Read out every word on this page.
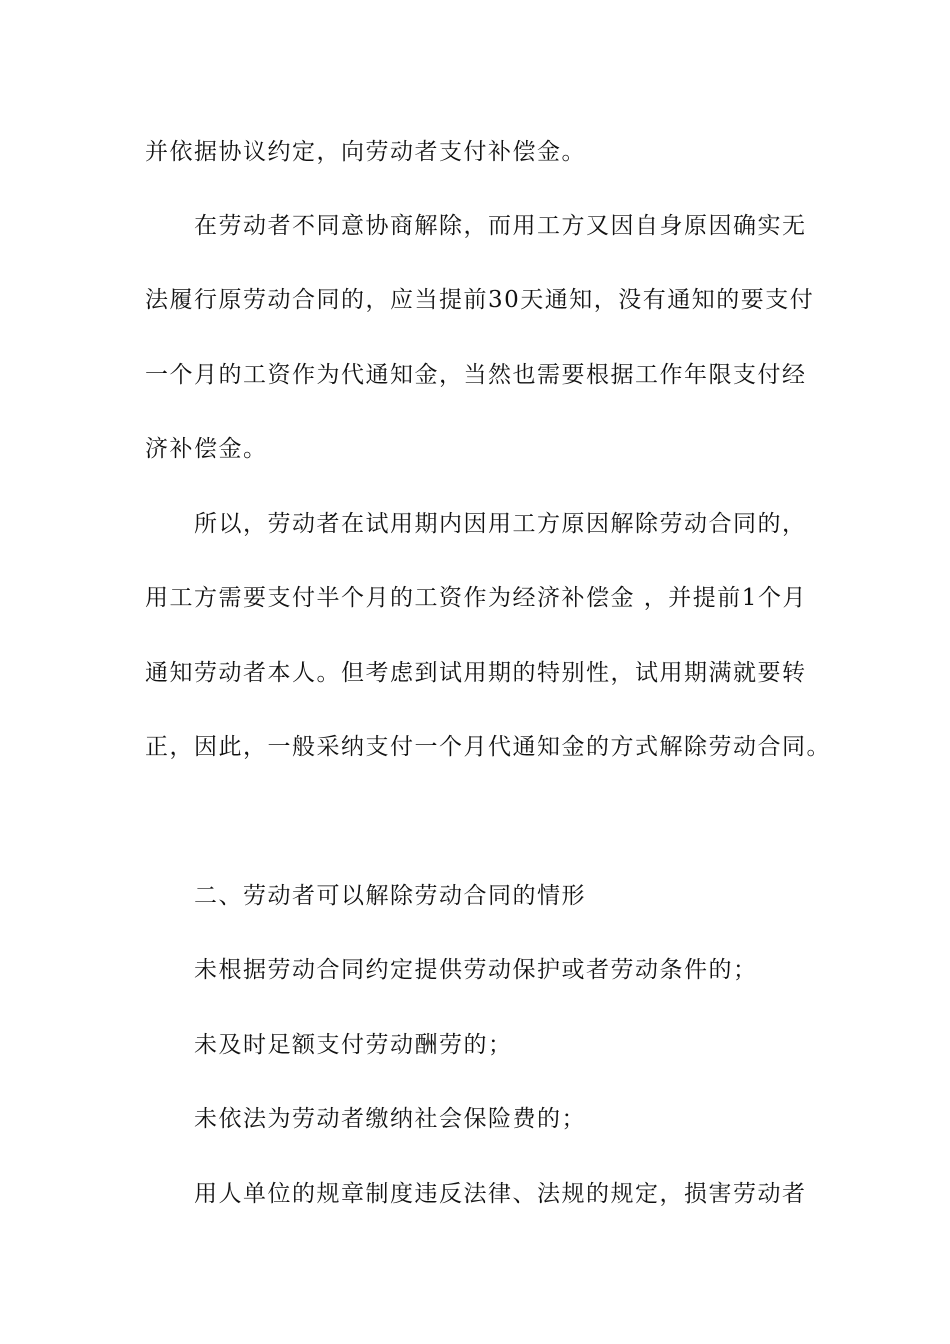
并依据协议约定，向劳动者支付补偿金。
在劳动者不同意协商解除，而用工方又因自身原因确实无
法履行原劳动合同的，应当提前30天通知，没有通知的要支付
一个月的工资作为代通知金，当然也需要根据工作年限支付经
济补偿金。
所以，劳动者在试用期内因用工方原因解除劳动合同的，
用工方需要支付半个月的工资作为经济补偿金 ，并提前1个月
通知劳动者本人。但考虑到试用期的特别性，试用期满就要转
正，因此，一般采纳支付一个月代通知金的方式解除劳动合同。
二、劳动者可以解除劳动合同的情形
未根据劳动合同约定提供劳动保护或者劳动条件的；
未及时足额支付劳动酬劳的；
未依法为劳动者缴纳社会保险费的；
用人单位的规章制度违反法律、法规的规定，损害劳动者
